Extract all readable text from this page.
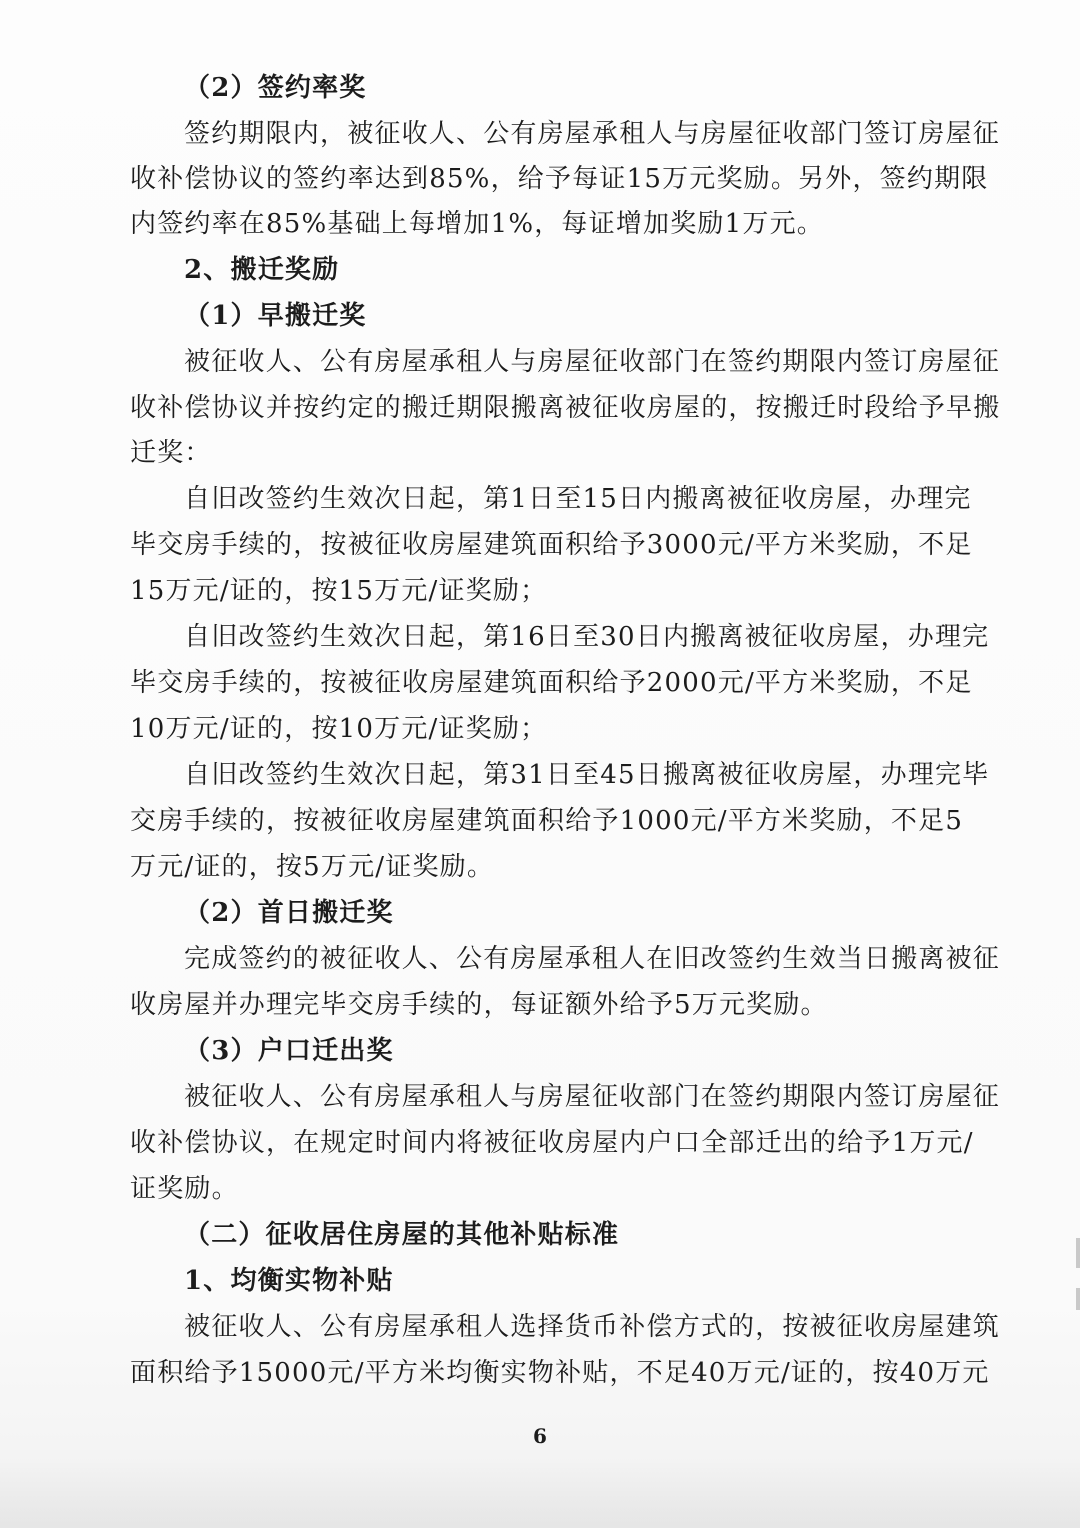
（2）签约率奖
签约期限内，被征收人、公有房屋承租人与房屋征收部门签订房屋征
收补偿协议的签约率达到85%，给予每证15万元奖励。另外，签约期限
内签约率在85%基础上每增加1%，每证增加奖励1万元。
2、搬迁奖励
（1）早搬迁奖
被征收人、公有房屋承租人与房屋征收部门在签约期限内签订房屋征
收补偿协议并按约定的搬迁期限搬离被征收房屋的，按搬迁时段给予早搬
迁奖：
自旧改签约生效次日起，第1日至15日内搬离被征收房屋，办理完
毕交房手续的，按被征收房屋建筑面积给予3000元/平方米奖励，不足
15万元/证的，按15万元/证奖励；
自旧改签约生效次日起，第16日至30日内搬离被征收房屋，办理完
毕交房手续的，按被征收房屋建筑面积给予2000元/平方米奖励，不足
10万元/证的，按10万元/证奖励；
自旧改签约生效次日起，第31日至45日搬离被征收房屋，办理完毕
交房手续的，按被征收房屋建筑面积给予1000元/平方米奖励，不足5
万元/证的，按5万元/证奖励。
（2）首日搬迁奖
完成签约的被征收人、公有房屋承租人在旧改签约生效当日搬离被征
收房屋并办理完毕交房手续的，每证额外给予5万元奖励。
（3）户口迁出奖
被征收人、公有房屋承租人与房屋征收部门在签约期限内签订房屋征
收补偿协议，在规定时间内将被征收房屋内户口全部迁出的给予1万元/
证奖励。
（二）征收居住房屋的其他补贴标准
1、均衡实物补贴
被征收人、公有房屋承租人选择货币补偿方式的，按被征收房屋建筑
面积给予15000元/平方米均衡实物补贴，不足40万元/证的，按40万元
6
